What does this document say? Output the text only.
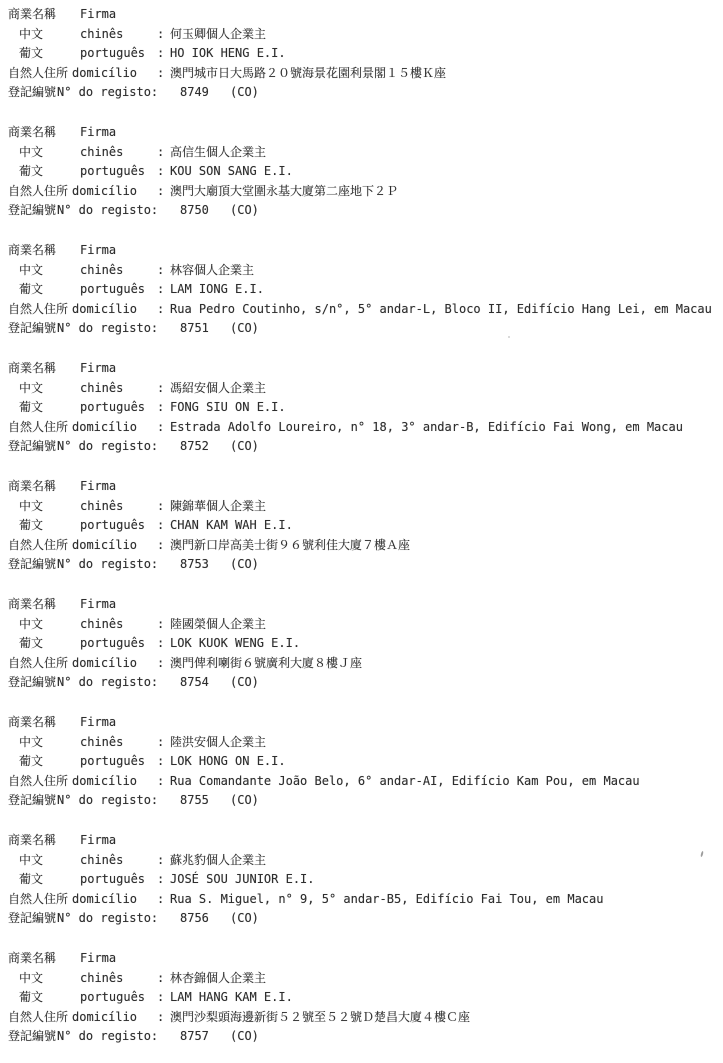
商業名稱 Firma
中文	chinês	: 何玉卿個人企業主
葡文	português : HO IOK HENG E.I.
自然人住所 domicílio : 澳門城市日大馬路２０號海景花園利景閣１５樓Ｋ座
登記編號 N° do registo: 8749 (CO)
商業名稱 Firma
中文	chinês	: 高信生個人企業主
葡文	português : KOU SON SANG E.I.
自然人住所 domicílio : 澳門大廟頂大堂圍永基大廈第二座地下２Ｐ
登記編號 N° do registo: 8750 (CO)
商業名稱 Firma
中文	chinês	: 林容個人企業主
葡文	português : LAM IONG E.I.
自然人住所 domicílio : Rua Pedro Coutinho, s/n°, 5° andar-L, Bloco II, Edifício Hang Lei, em Macau
登記編號 N° do registo: 8751 (CO)
商業名稱 Firma
中文	chinês	: 馮紹安個人企業主
葡文	português : FONG SIU ON E.I.
自然人住所 domicílio : Estrada Adolfo Loureiro, n° 18, 3° andar-B, Edifício Fai Wong, em Macau
登記編號 N° do registo: 8752 (CO)
商業名稱 Firma
中文	chinês	: 陳錦華個人企業主
葡文	português : CHAN KAM WAH E.I.
自然人住所 domicílio : 澳門新口岸高美士街９６號利佳大廈７樓Ａ座
登記編號 N° do registo: 8753 (CO)
商業名稱 Firma
中文	chinês	: 陸國榮個人企業主
葡文	português : LOK KUOK WENG E.I.
自然人住所 domicílio : 澳門俾利喇街６號廣利大廈８樓Ｊ座
登記編號 N° do registo: 8754 (CO)
商業名稱 Firma
中文	chinês	: 陸洪安個人企業主
葡文	português : LOK HONG ON E.I.
自然人住所 domicílio : Rua Comandante João Belo, 6° andar-AI, Edifício Kam Pou, em Macau
登記編號 N° do registo: 8755 (CO)
商業名稱 Firma
中文	chinês	: 蘇兆豹個人企業主
葡文	português : JOSÉ SOU JUNIOR E.I.
自然人住所 domicílio : Rua S. Miguel, n° 9, 5° andar-B5, Edifício Fai Tou, em Macau
登記編號 N° do registo: 8756 (CO)
商業名稱 Firma
中文	chinês	: 林杏錦個人企業主
葡文	português : LAM HANG KAM E.I.
自然人住所 domicílio : 澳門沙梨頭海邊新街５２號至５２號Ｄ楚昌大廈４樓Ｃ座
登記編號 N° do registo: 8757 (CO)
